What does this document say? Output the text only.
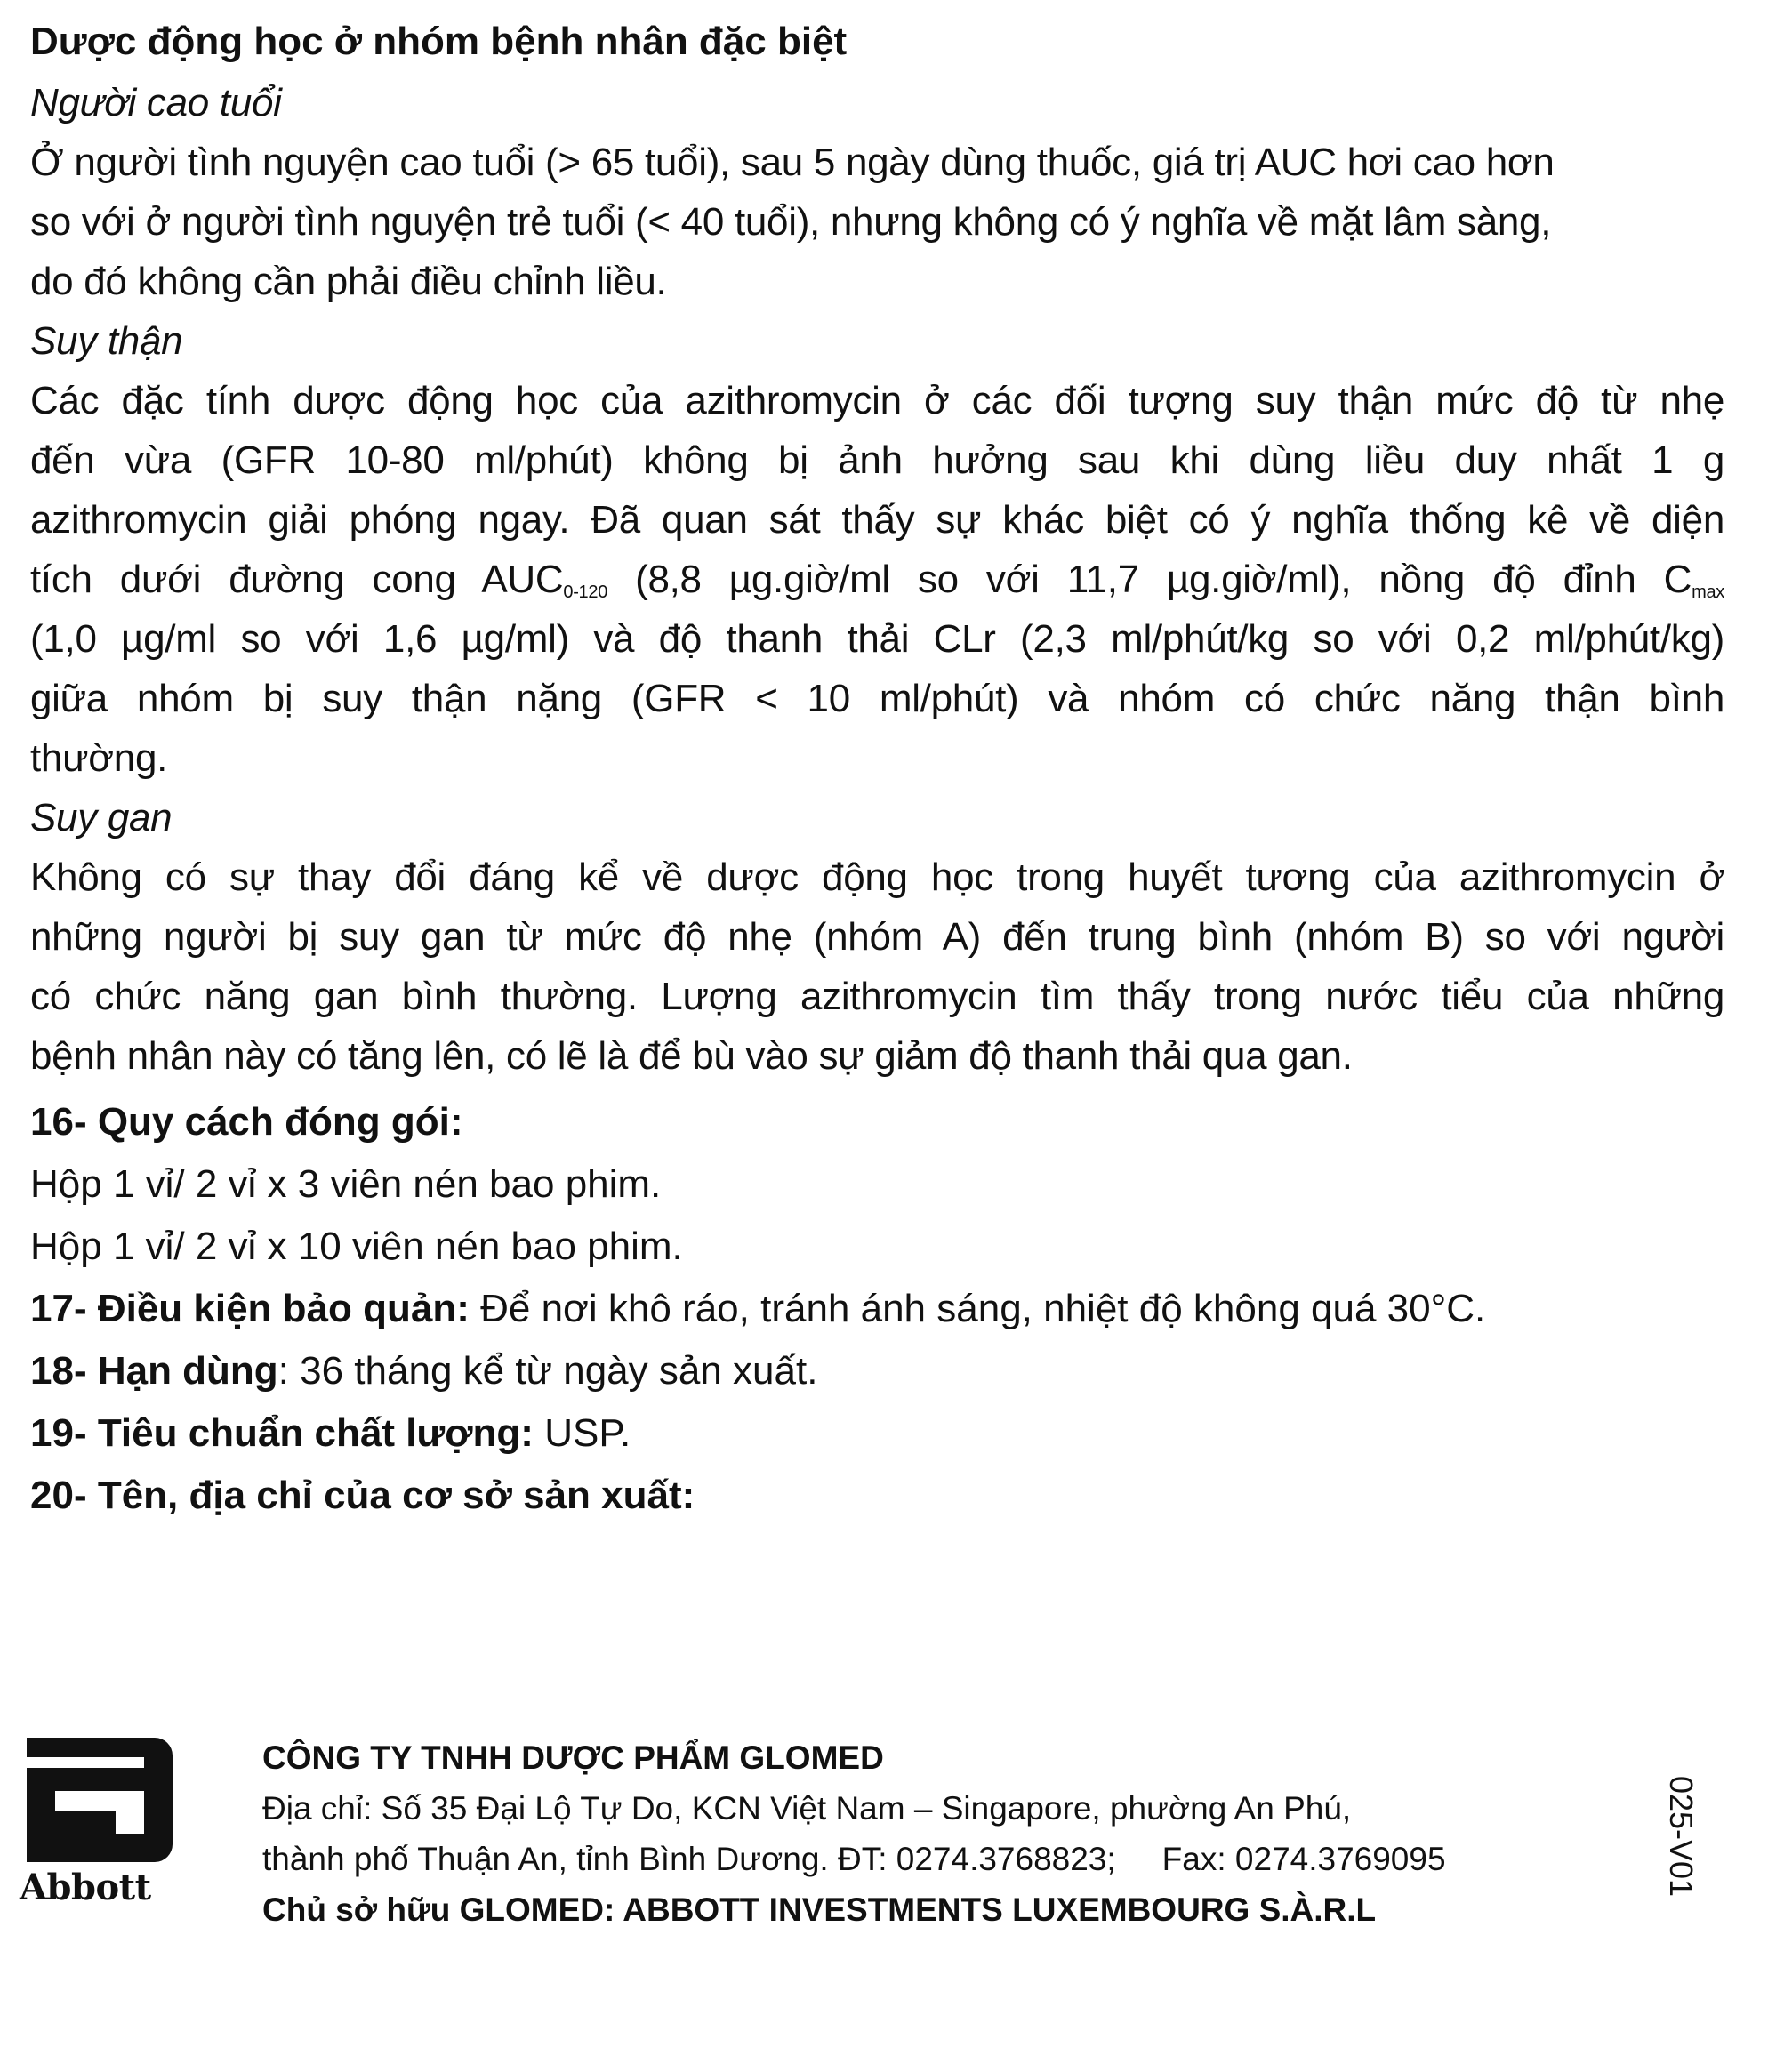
Dược động học ở nhóm bệnh nhân đặc biệt
Người cao tuổi
Ở người tình nguyện cao tuổi (> 65 tuổi), sau 5 ngày dùng thuốc, giá trị AUC hơi cao hơn
so với ở người tình nguyện trẻ tuổi (< 40 tuổi), nhưng không có ý nghĩa về mặt lâm sàng,
do đó không cần phải điều chỉnh liều.
Suy thận
Các đặc tính dược động học của azithromycin ở các đối tượng suy thận mức độ từ nhẹ
đến vừa (GFR 10-80 ml/phút) không bị ảnh hưởng sau khi dùng liều duy nhất 1 g
azithromycin giải phóng ngay. Đã quan sát thấy sự khác biệt có ý nghĩa thống kê về diện
tích dưới đường cong $AUC_{0-120}$ (8,8 µg.giờ/ml so với 11,7 µg.giờ/ml), nồng độ đỉnh $C_{max}$
(1,0 µg/ml so với 1,6 µg/ml) và độ thanh thải CLr (2,3 ml/phút/kg so với 0,2 ml/phút/kg)
giữa nhóm bị suy thận nặng (GFR < 10 ml/phút) và nhóm có chức năng thận bình
thường.
Suy gan
Không có sự thay đổi đáng kể về dược động học trong huyết tương của azithromycin ở
những người bị suy gan từ mức độ nhẹ (nhóm A) đến trung bình (nhóm B) so với người
có chức năng gan bình thường. Lượng azithromycin tìm thấy trong nước tiểu của những
bệnh nhân này có tăng lên, có lẽ là để bù vào sự giảm độ thanh thải qua gan.
16- Quy cách đóng gói:
Hộp 1 vỉ/ 2 vỉ x 3 viên nén bao phim.
Hộp 1 vỉ/ 2 vỉ x 10 viên nén bao phim.
17- Điều kiện bảo quản: Để nơi khô ráo, tránh ánh sáng, nhiệt độ không quá 30°C.
18- Hạn dùng: 36 tháng kể từ ngày sản xuất.
19- Tiêu chuẩn chất lượng: USP.
20- Tên, địa chỉ của cơ sở sản xuất:
Abbott
CÔNG TY TNHH DƯỢC PHẨM GLOMED
Địa chỉ: Số 35 Đại Lộ Tự Do, KCN Việt Nam – Singapore, phường An Phú,
thành phố Thuận An, tỉnh Bình Dương. ĐT: 0274.3768823; Fax: 0274.3769095
Chủ sở hữu GLOMED: ABBOTT INVESTMENTS LUXEMBOURG S.À.R.L
025-V01
